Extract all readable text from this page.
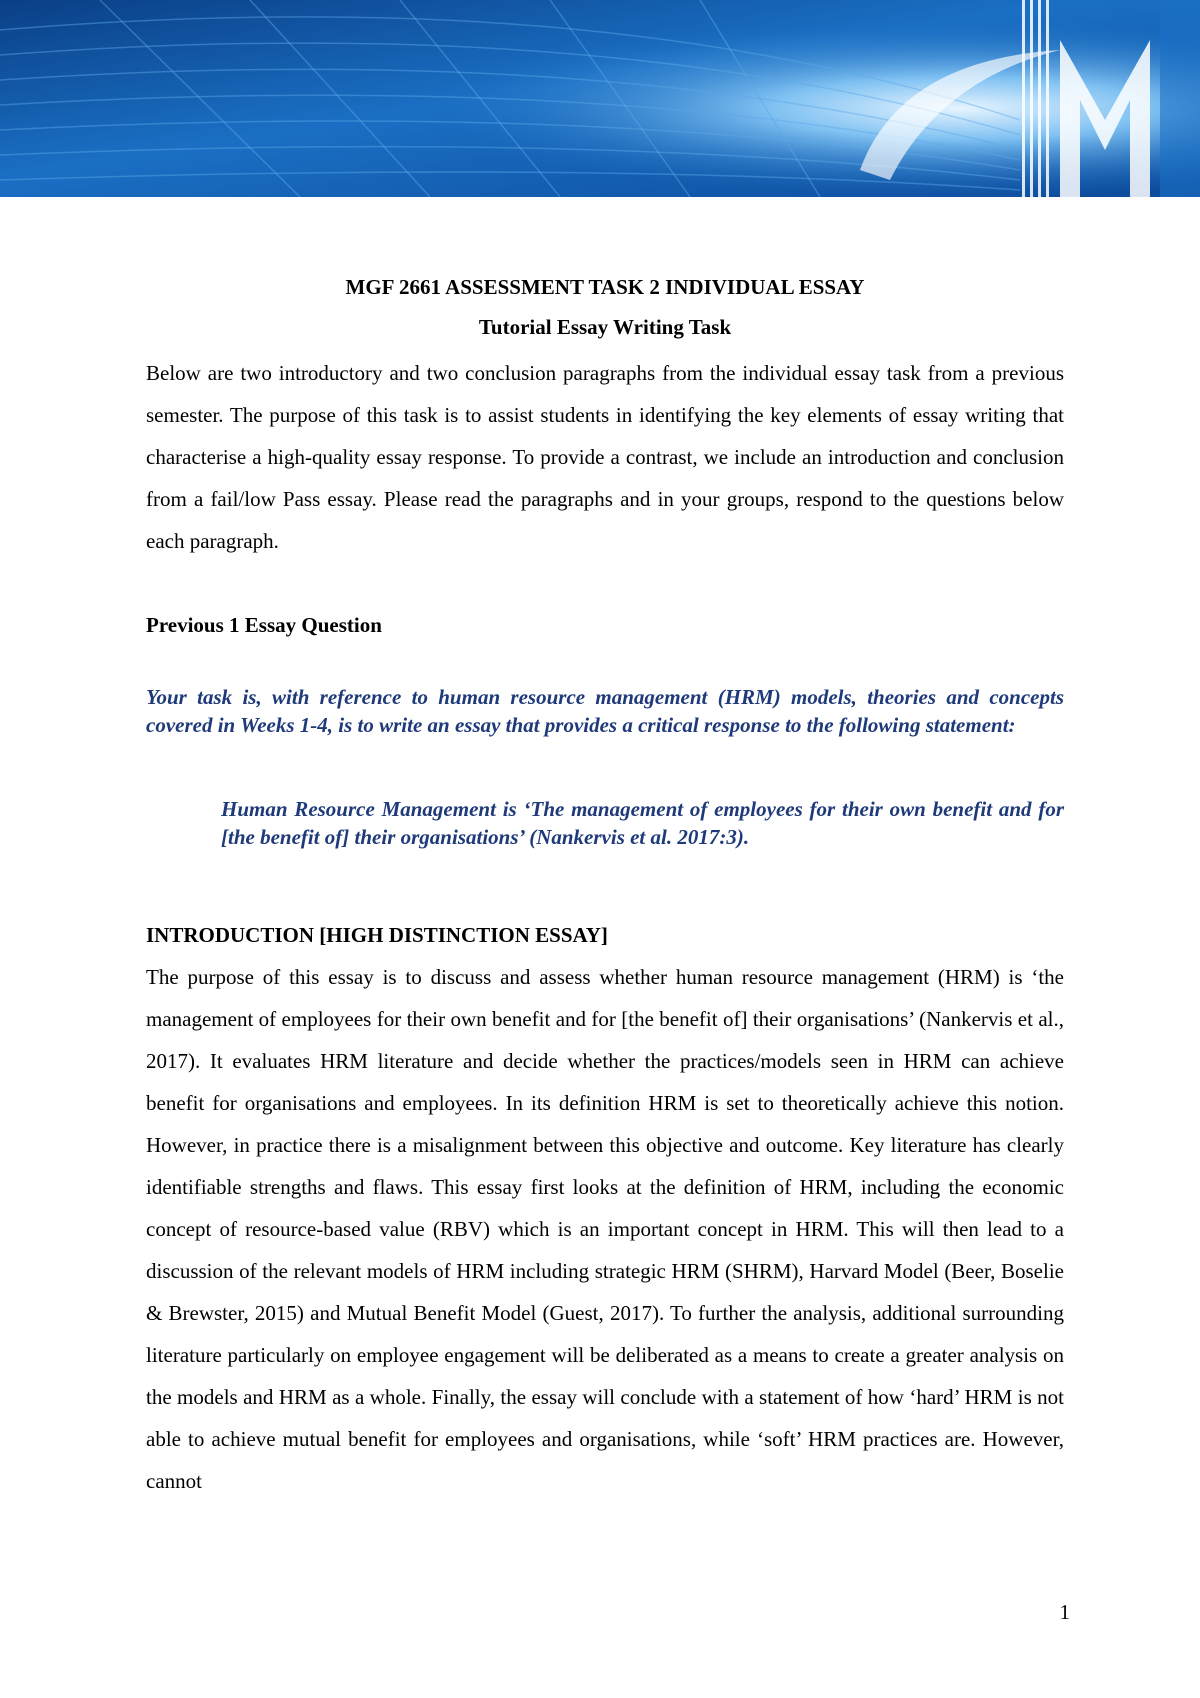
MGF 2661 ASSESSMENT TASK 2 INDIVIDUAL ESSAY
Tutorial Essay Writing Task

Below are two introductory and two conclusion paragraphs from the individual essay task from a previous semester. The purpose of this task is to assist students in identifying the key elements of essay writing that characterise a high-quality essay response. To provide a contrast, we include an introduction and conclusion from a fail/low Pass essay. Please read the paragraphs and in your groups, respond to the questions below each paragraph.

Previous 1 Essay Question

Your task is, with reference to human resource management (HRM) models, theories and concepts covered in Weeks 1-4, is to write an essay that provides a critical response to the following statement:

Human Resource Management is ‘The management of employees for their own benefit and for [the benefit of] their organisations’ (Nankervis et al. 2017:3).

INTRODUCTION [HIGH DISTINCTION ESSAY]

The purpose of this essay is to discuss and assess whether human resource management (HRM) is ‘the management of employees for their own benefit and for [the benefit of] their organisations’ (Nankervis et al., 2017). It evaluates HRM literature and decide whether the practices/models seen in HRM can achieve benefit for organisations and employees. In its definition HRM is set to theoretically achieve this notion. However, in practice there is a misalignment between this objective and outcome. Key literature has clearly identifiable strengths and flaws. This essay first looks at the definition of HRM, including the economic concept of resource-based value (RBV) which is an important concept in HRM. This will then lead to a discussion of the relevant models of HRM including strategic HRM (SHRM), Harvard Model (Beer, Boselie & Brewster, 2015) and Mutual Benefit Model (Guest, 2017). To further the analysis, additional surrounding literature particularly on employee engagement will be deliberated as a means to create a greater analysis on the models and HRM as a whole. Finally, the essay will conclude with a statement of how ‘hard’ HRM is not able to achieve mutual benefit for employees and organisations, while ‘soft’ HRM practices are. However, cannot

1
